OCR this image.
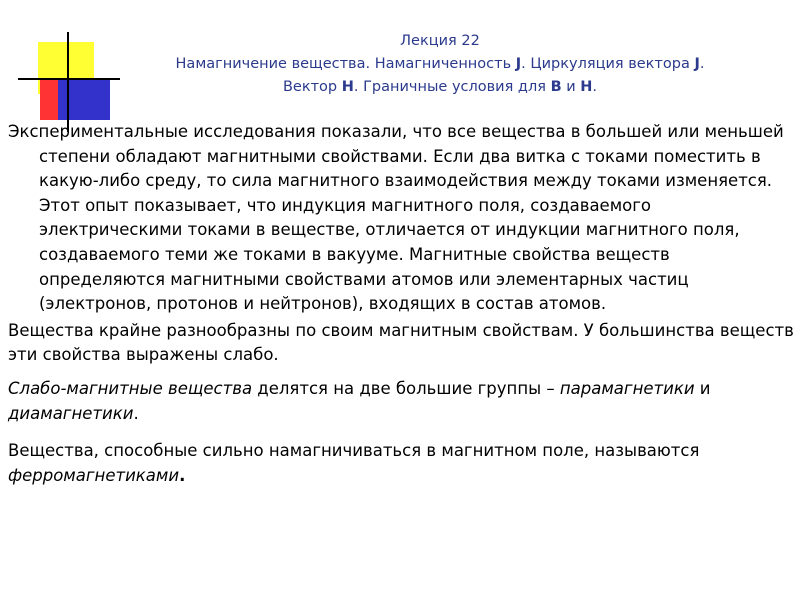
Лекция 22
Намагничение вещества. Намагниченность J. Циркуляция вектора J.
Вектор H. Граничные условия для B и H.

Экспериментальные исследования показали, что все вещества в большей или меньшей степени обладают магнитными свойствами. Если два витка с токами поместить в какую-либо среду, то сила магнитного взаимодействия между токами изменяется. Этот опыт показывает, что индукция магнитного поля, создаваемого электрическими токами в веществе, отличается от индукции магнитного поля, создаваемого теми же токами в вакууме. Магнитные свойства веществ определяются магнитными свойствами атомов или элементарных частиц (электронов, протонов и нейтронов), входящих в состав атомов.

Вещества крайне разнообразны по своим магнитным свойствам. У большинства веществ эти свойства выражены слабо.

Слабо-магнитные вещества делятся на две большие группы – парамагнетики и диамагнетики.

Вещества, способные сильно намагничиваться в магнитном поле, называются ферромагнетиками.
